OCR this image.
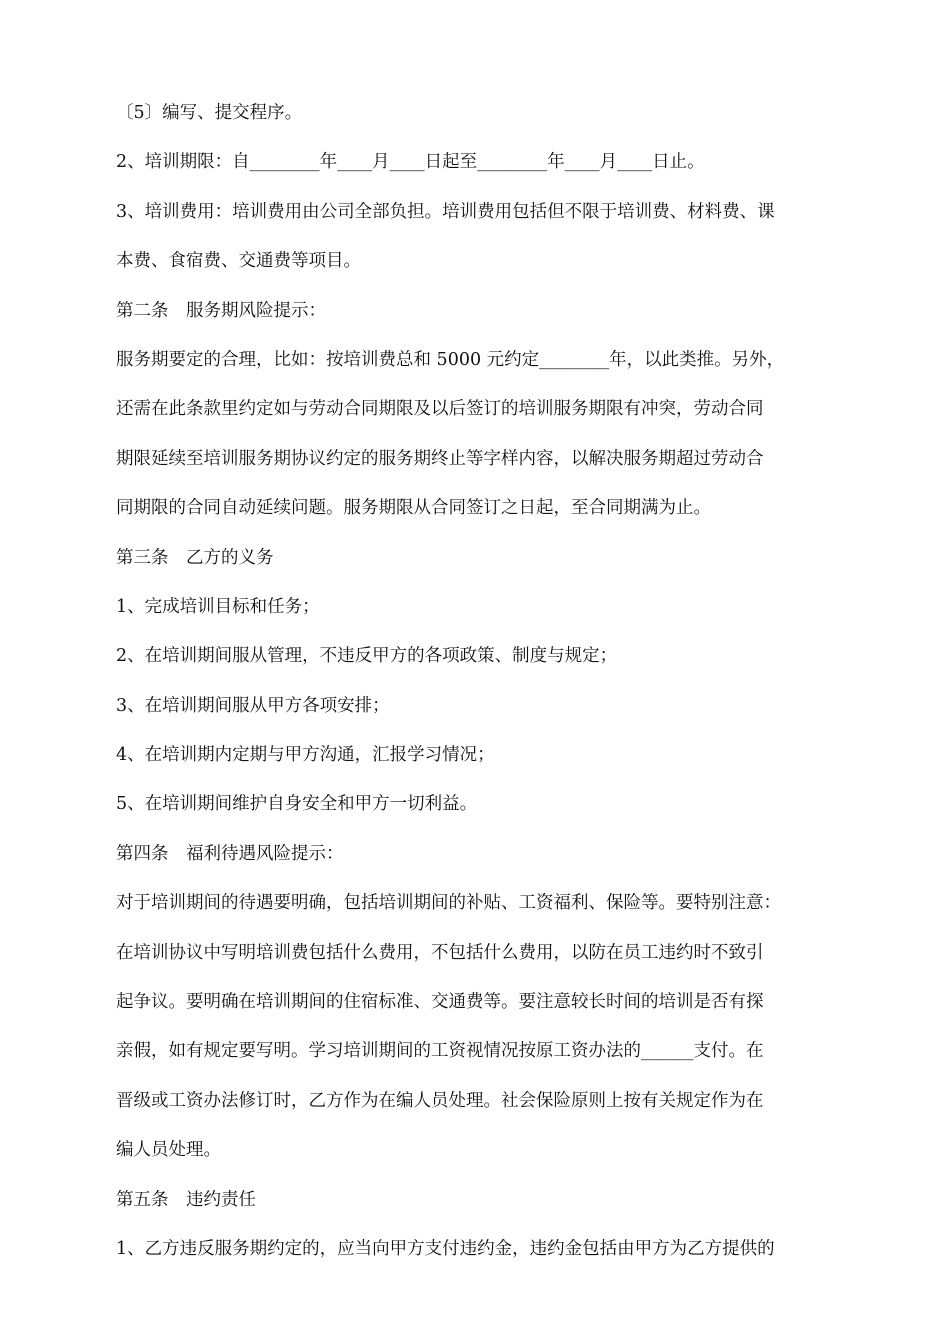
〔5〕编写、提交程序。
2、培训期限：自________年____月____日起至________年____月____日止。
3、培训费用：培训费用由公司全部负担。培训费用包括但不限于培训费、材料费、课
本费、食宿费、交通费等项目。
第二条　服务期风险提示：
服务期要定的合理，比如：按培训费总和 5000 元约定________年，以此类推。另外，
还需在此条款里约定如与劳动合同期限及以后签订的培训服务期限有冲突，劳动合同
期限延续至培训服务期协议约定的服务期终止等字样内容，以解决服务期超过劳动合
同期限的合同自动延续问题。服务期限从合同签订之日起，至合同期满为止。
第三条　乙方的义务
1、完成培训目标和任务；
2、在培训期间服从管理，不违反甲方的各项政策、制度与规定；
3、在培训期间服从甲方各项安排；
4、在培训期内定期与甲方沟通，汇报学习情况；
5、在培训期间维护自身安全和甲方一切利益。
第四条　福利待遇风险提示：
对于培训期间的待遇要明确，包括培训期间的补贴、工资福利、保险等。要特别注意：
在培训协议中写明培训费包括什么费用，不包括什么费用，以防在员工违约时不致引
起争议。要明确在培训期间的住宿标准、交通费等。要注意较长时间的培训是否有探
亲假，如有规定要写明。学习培训期间的工资视情况按原工资办法的______支付。在
晋级或工资办法修订时，乙方作为在编人员处理。社会保险原则上按有关规定作为在
编人员处理。
第五条　违约责任
1、乙方违反服务期约定的，应当向甲方支付违约金，违约金包括由甲方为乙方提供的
